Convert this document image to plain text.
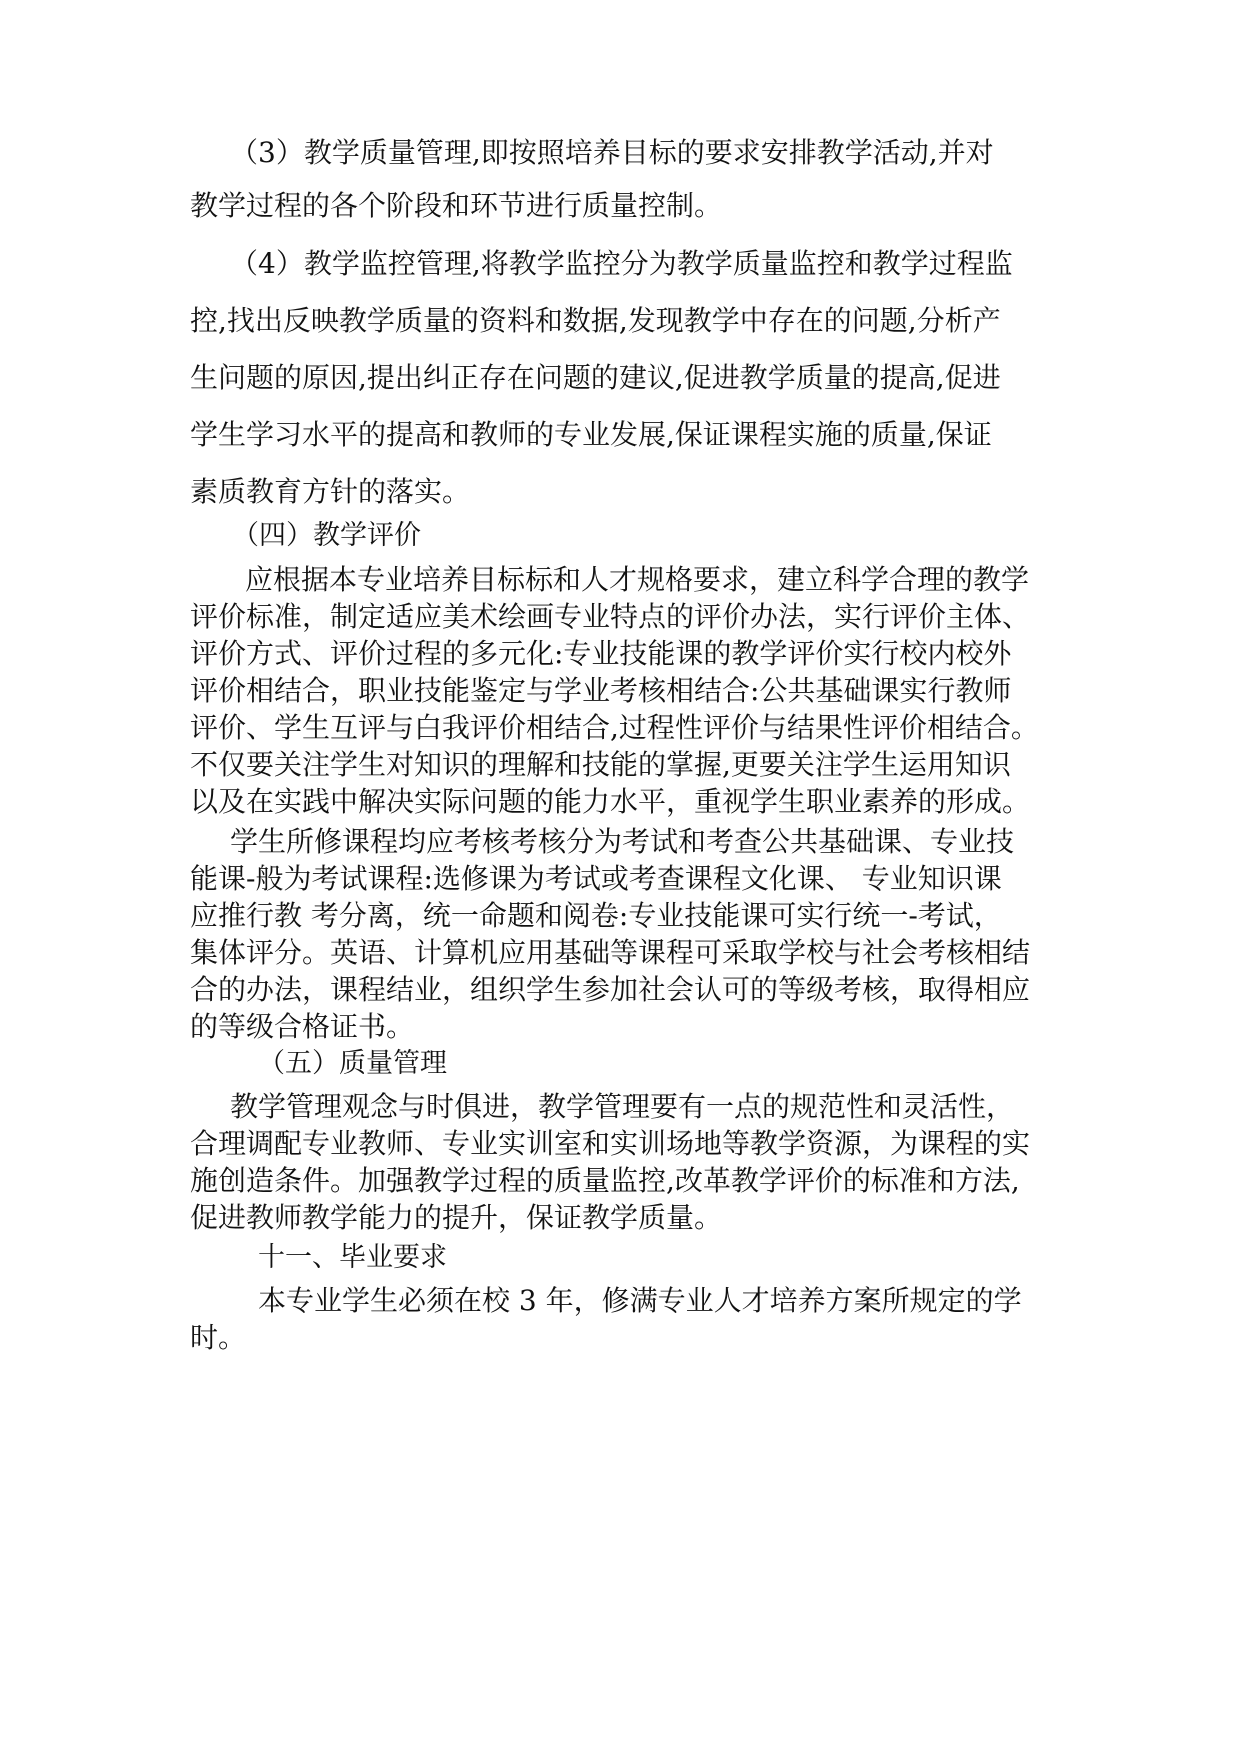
（3）教学质量管理,即按照培养目标的要求安排教学活动,并对
教学过程的各个阶段和环节进行质量控制。
（4）教学监控管理,将教学监控分为教学质量监控和教学过程监
控,找出反映教学质量的资料和数据,发现教学中存在的问题,分析产
生问题的原因,提出纠正存在问题的建议,促进教学质量的提高,促进
学生学习水平的提高和教师的专业发展,保证课程实施的质量,保证
素质教育方针的落实。
（四）教学评价
应根据本专业培养目标标和人才规格要求，建立科学合理的教学
评价标准，制定适应美术绘画专业特点的评价办法，实行评价主体、
评价方式、评价过程的多元化:专业技能课的教学评价实行校内校外
评价相结合，职业技能鉴定与学业考核相结合:公共基础课实行教师
评价、学生互评与白我评价相结合,过程性评价与结果性评价相结合。
不仅要关注学生对知识的理解和技能的掌握,更要关注学生运用知识
以及在实践中解决实际问题的能力水平，重视学生职业素养的形成。
学生所修课程均应考核考核分为考试和考查公共基础课、专业技
能课-般为考试课程:选修课为考试或考查课程文化课、 专业知识课
应推行教 考分离，统一命题和阅卷:专业技能课可实行统一-考试，
集体评分。英语、计算机应用基础等课程可采取学校与社会考核相结
合的办法，课程结业，组织学生参加社会认可的等级考核，取得相应
的等级合格证书。
（五）质量管理
教学管理观念与时俱进，教学管理要有一点的规范性和灵活性，
合理调配专业教师、专业实训室和实训场地等教学资源，为课程的实
施创造条件。加强教学过程的质量监控,改革教学评价的标准和方法,
促进教师教学能力的提升，保证教学质量。
十一、毕业要求
本专业学生必须在校 3 年，修满专业人才培养方案所规定的学
时。
